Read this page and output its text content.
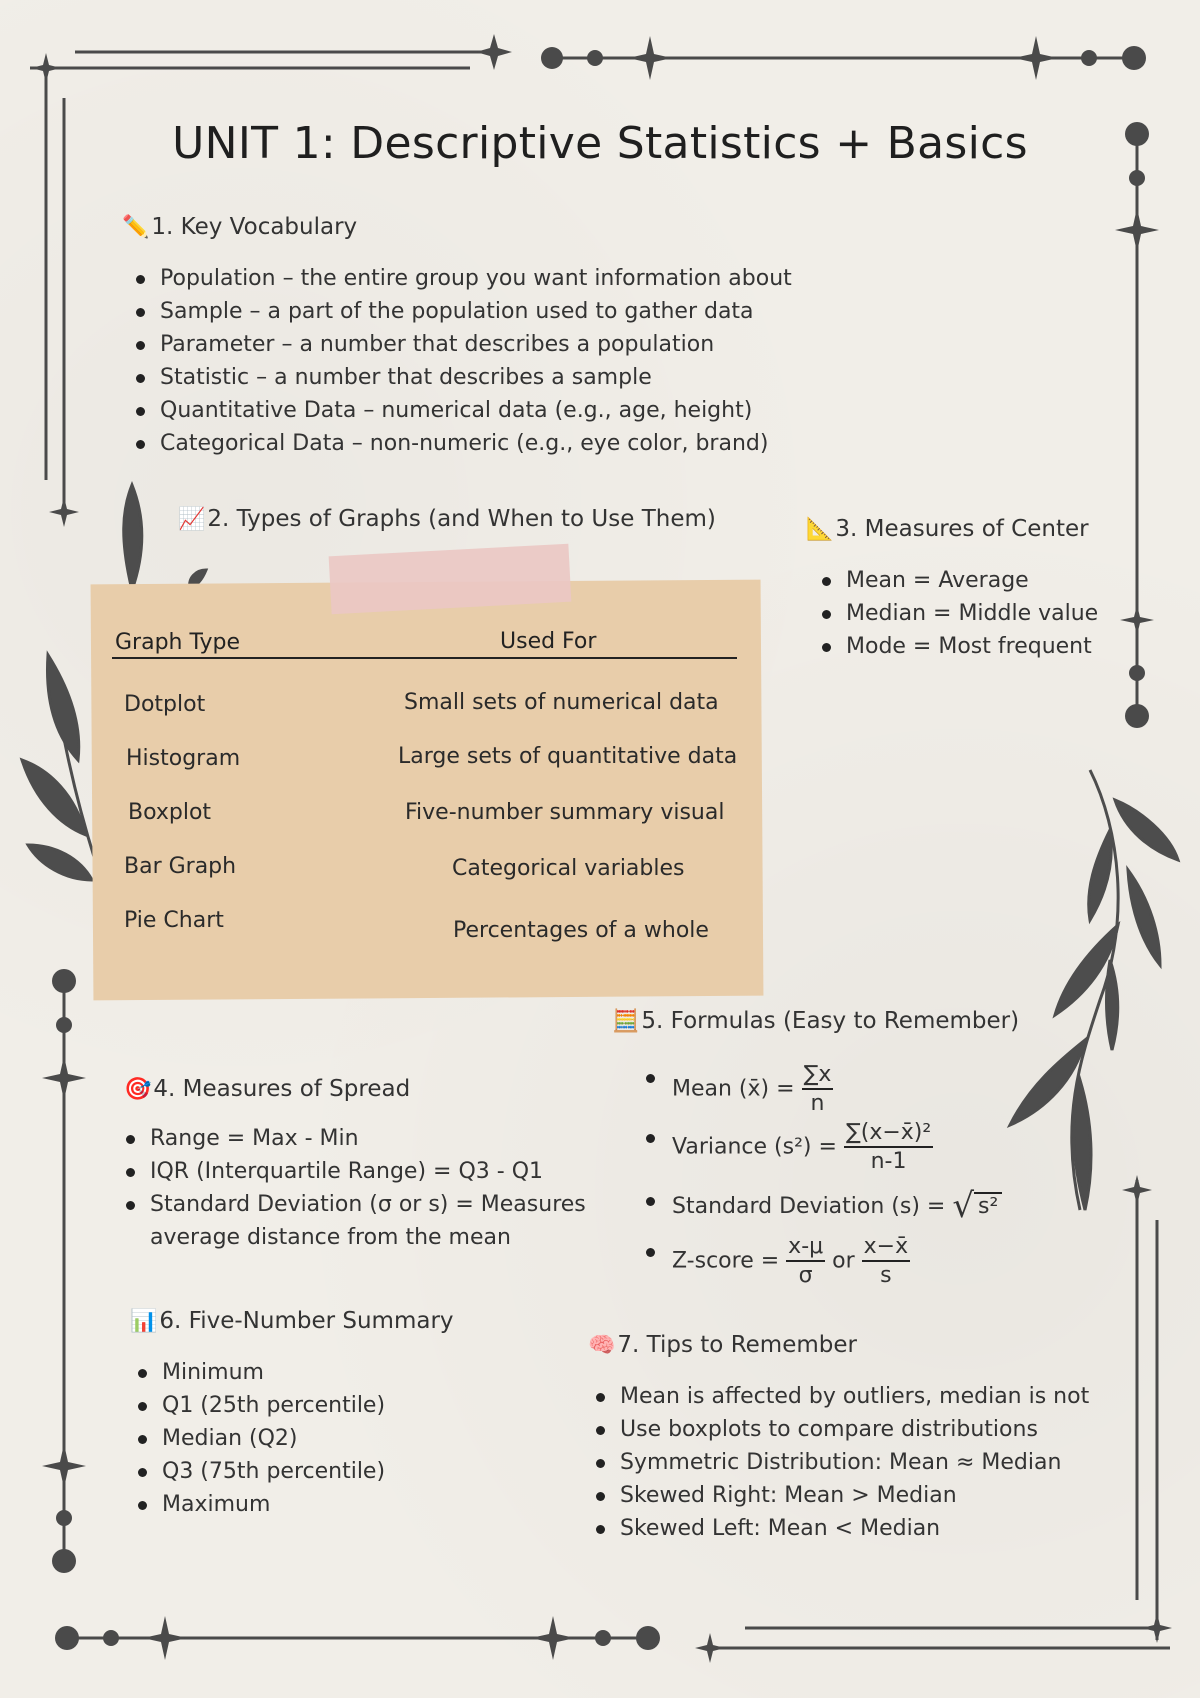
UNIT 1: Descriptive Statistics + Basics
✏️1. Key Vocabulary
Population – the entire group you want information about
Sample – a part of the population used to gather data
Parameter – a number that describes a population
Statistic – a number that describes a sample
Quantitative Data – numerical data (e.g., age, height)
Categorical Data – non-numeric (e.g., eye color, brand)
📈2. Types of Graphs (and When to Use Them)
Graph Type	Used For
Dotplot	Small sets of numerical data
Histogram	Large sets of quantitative data
Boxplot	Five-number summary visual
Bar Graph	Categorical variables
Pie Chart	Percentages of a whole
📐3. Measures of Center
Mean = Average
Median = Middle value
Mode = Most frequent
🎯4. Measures of Spread
Range = Max - Min
IQR (Interquartile Range) = Q3 - Q1
Standard Deviation (σ or s) = Measures average distance from the mean
🧮5. Formulas (Easy to Remember)
Mean (x̄) = $\frac{\sum x}{n}$
Variance $(s^2) = \frac{\text{∑(x−x̄)²}}{n-1}$
Standard Deviation (s) = √ s²
Z-score = $\frac{x-\mu}{\sigma}$ or $\frac{x-x̄}{s}$
📊6. Five-Number Summary
Minimum
Q1 (25th percentile)
Median (Q2)
Q3 (75th percentile)
Maximum
🧠7. Tips to Remember
Mean is affected by outliers, median is not
Use boxplots to compare distributions
Symmetric Distribution: Mean ≈ Median
Skewed Right: Mean > Median
Skewed Left: Mean < Median
